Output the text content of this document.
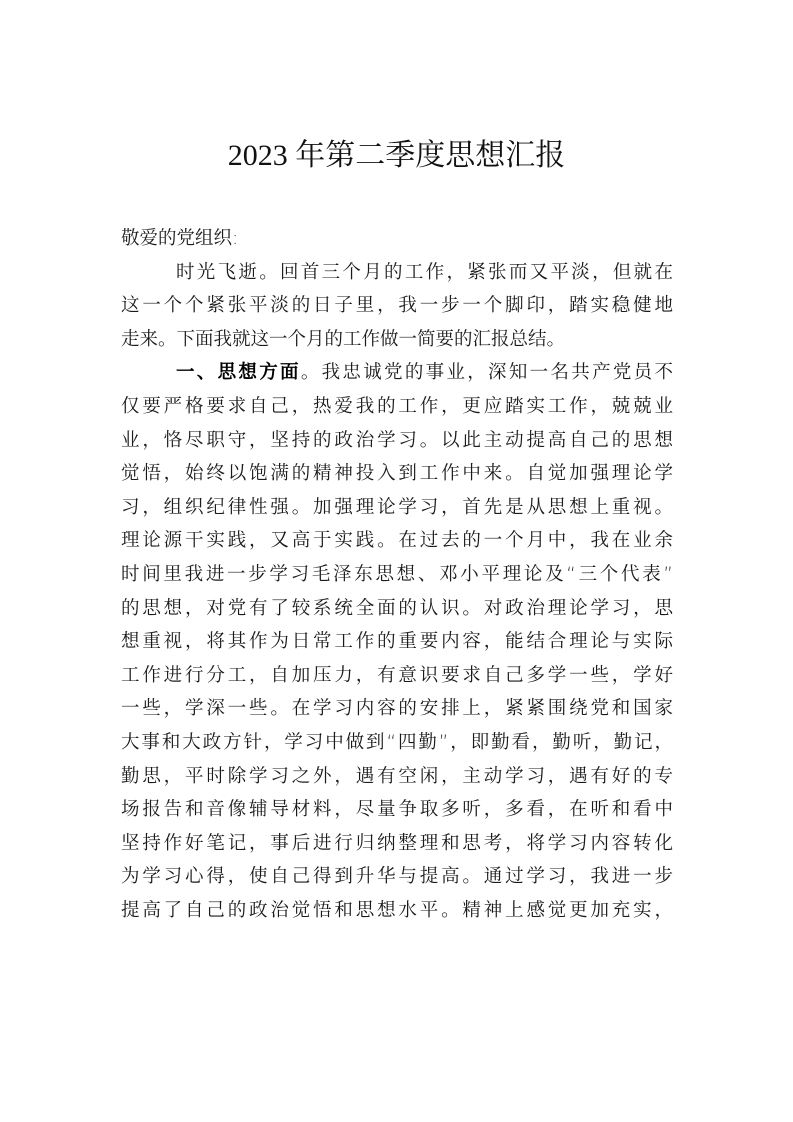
2023 年第二季度思想汇报
敬爱的党组织:
时光飞逝。回首三个月的工作，紧张而又平淡，但就在
这一个个紧张平淡的日子里，我一步一个脚印，踏实稳健地
走来。下面我就这一个月的工作做一简要的汇报总结。
一、思想方面。我忠诚党的事业，深知一名共产党员不
仅要严格要求自己，热爱我的工作，更应踏实工作，兢兢业
业，恪尽职守，坚持的政治学习。以此主动提高自己的思想
觉悟，始终以饱满的精神投入到工作中来。自觉加强理论学
习，组织纪律性强。加强理论学习，首先是从思想上重视。
理论源干实践，又高于实践。在过去的一个月中，我在业余
时间里我进一步学习毛泽东思想、邓小平理论及“三个代表”
的思想，对党有了较系统全面的认识。对政治理论学习，思
想重视，将其作为日常工作的重要内容，能结合理论与实际
工作进行分工，自加压力，有意识要求自己多学一些，学好
一些，学深一些。在学习内容的安排上，紧紧围绕党和国家
大事和大政方针，学习中做到“四勤”，即勤看，勤听，勤记，
勤思，平时除学习之外，遇有空闲，主动学习，遇有好的专
场报告和音像辅导材料，尽量争取多听，多看，在听和看中
坚持作好笔记，事后进行归纳整理和思考，将学习内容转化
为学习心得，使自己得到升华与提高。通过学习，我进一步
提高了自己的政治觉悟和思想水平。精神上感觉更加充实，
